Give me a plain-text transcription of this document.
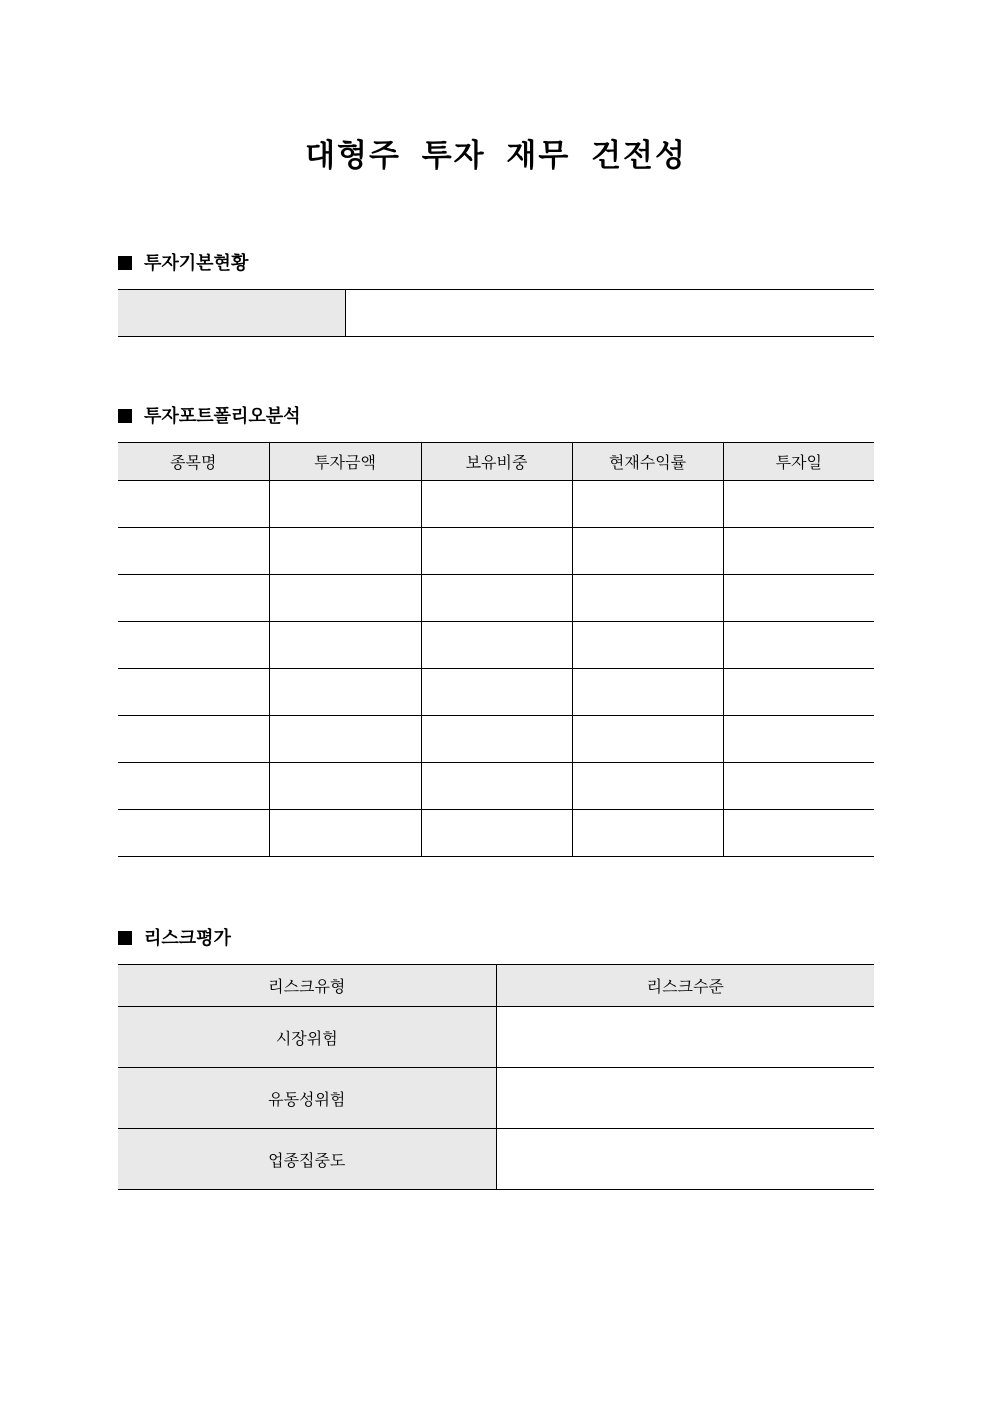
대형주 투자 재무 건전성
투자기본현황

투자포트폴리오분석
종목명	투자금액	보유비중	현재수익률	투자일

리스크평가
리스크유형	리스크수준
시장위험	
유동성위험	
업종집중도	
